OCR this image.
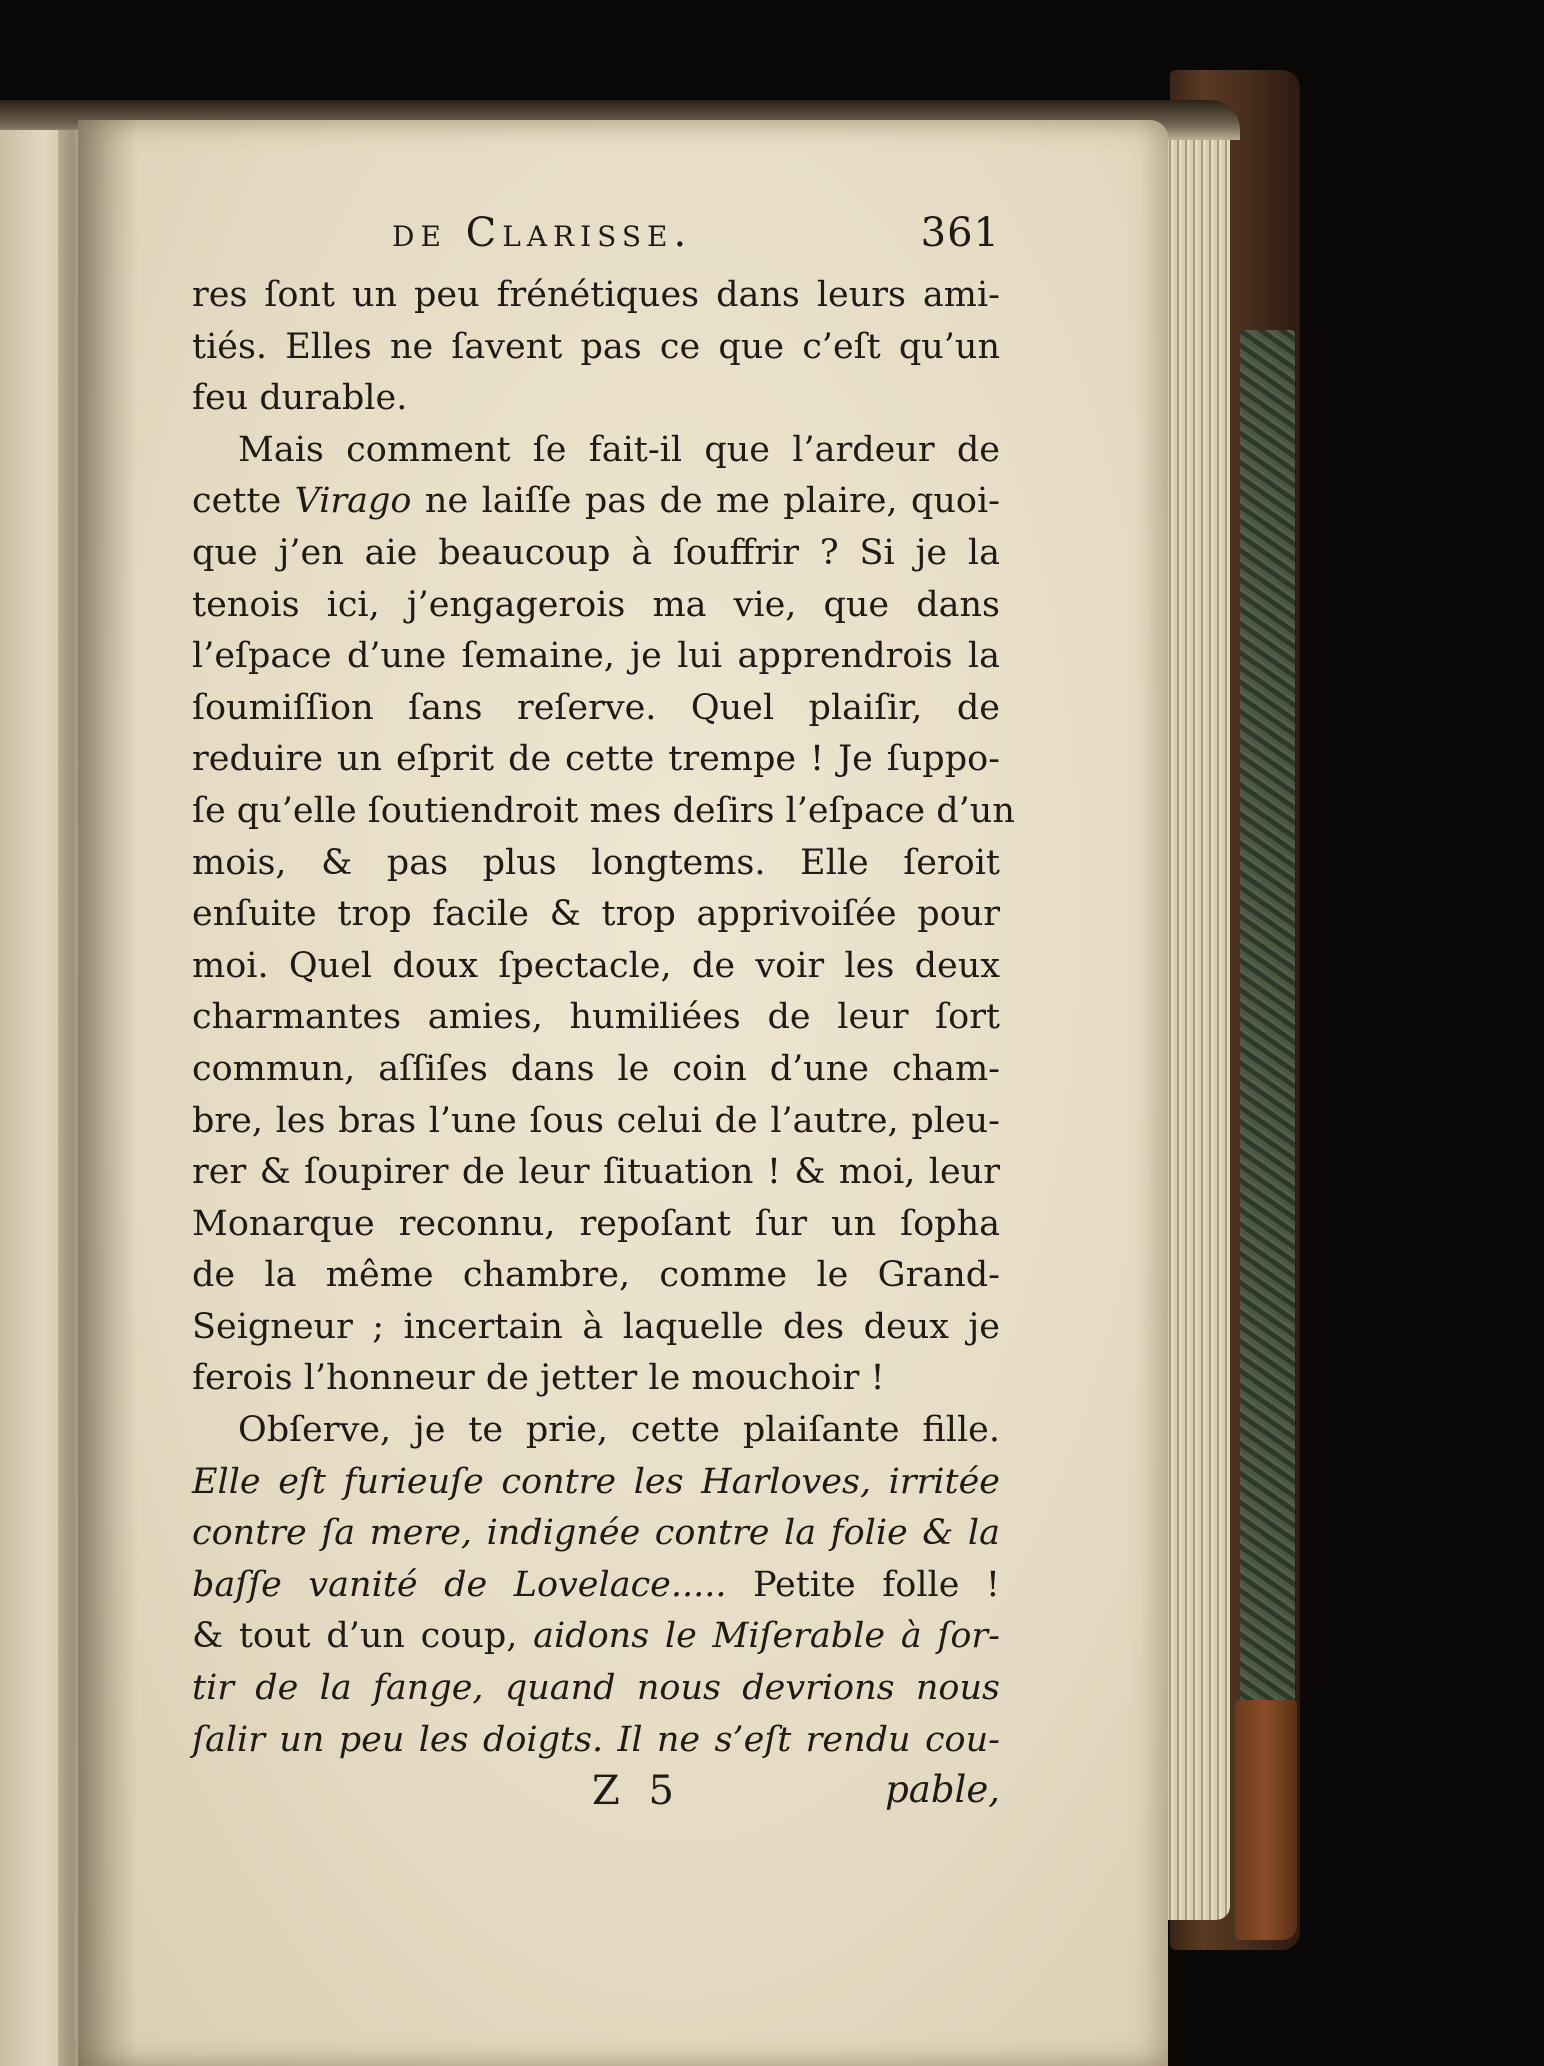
de Clarisse.	361
res ſont un peu frénétiques dans leurs ami-
tiés. Elles ne ſavent pas ce que c’eſt qu’un
feu durable.
Mais comment ſe fait-il que l’ardeur de
cette Virago ne laiſſe pas de me plaire, quoi-
que j’en aie beaucoup à ſouffrir ? Si je la
tenois ici, j’engagerois ma vie, que dans
l’eſpace d’une ſemaine, je lui apprendrois la
ſoumiſſion ſans reſerve. Quel plaiſir, de
reduire un eſprit de cette trempe ! Je ſuppo-
ſe qu’elle ſoutiendroit mes deſirs l’eſpace d’un
mois, & pas plus longtems. Elle ſeroit
enſuite trop facile & trop apprivoiſée pour
moi. Quel doux ſpectacle, de voir les deux
charmantes amies, humiliées de leur ſort
commun, aſſiſes dans le coin d’une cham-
bre, les bras l’une ſous celui de l’autre, pleu-
rer & ſoupirer de leur ſituation ! & moi, leur
Monarque reconnu, repoſant ſur un ſopha
de la même chambre, comme le Grand-
Seigneur ; incertain à laquelle des deux je
ferois l’honneur de jetter le mouchoir !
Obſerve, je te prie, cette plaiſante fille.
Elle eſt furieuſe contre les Harloves, irritée
contre ſa mere, indignée contre la folie & la
baſſe vanité de Lovelace..... Petite folle !
& tout d’un coup, aidons le Miſerable à ſor-
tir de la fange, quand nous devrions nous
ſalir un peu les doigts. Il ne s’eſt rendu cou-
Z 5	pable,
